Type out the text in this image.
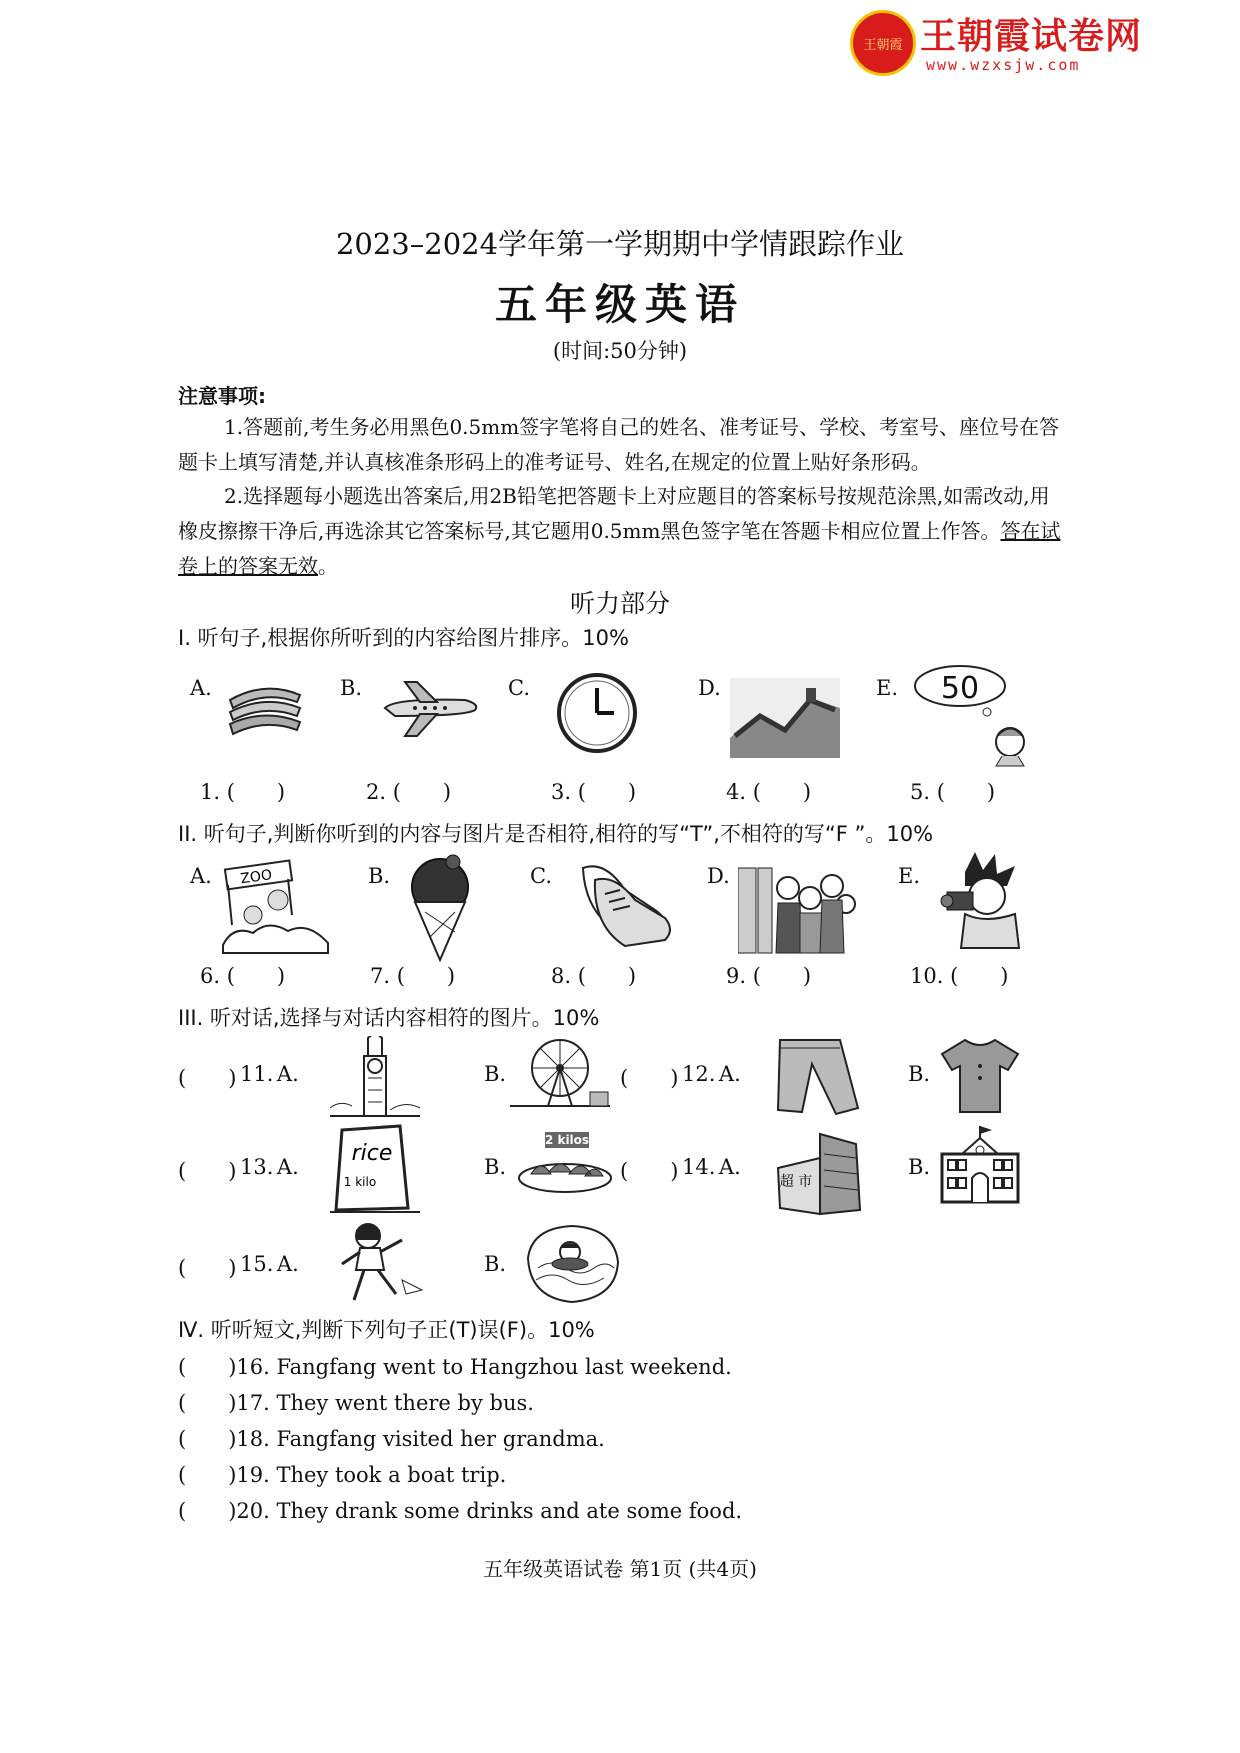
王朝霞 王朝霞试卷网
www.wzxsjw.com
2023–2024学年第一学期期中学情跟踪作业
五年级英语
(时间:50分钟)
注意事项:
1.答题前,考生务必用黑色0.5mm签字笔将自己的姓名、准考证号、学校、考室号、座位号在答题卡上填写清楚,并认真核准条形码上的准考证号、姓名,在规定的位置上贴好条形码。
2.选择题每小题选出答案后,用2B铅笔把答题卡上对应题目的答案标号按规范涂黑,如需改动,用橡皮擦擦干净后,再选涂其它答案标号,其它题用0.5mm黑色签字笔在答题卡相应位置上作答。答在试卷上的答案无效。
听力部分
I. 听句子,根据你所听到的内容给图片排序。10%
A.	B.	C.	D.	E. 50
1. (　　)	2. (　　)	3. (　　)	4. (　　)	5. (　　)
II. 听句子,判断你听到的内容与图片是否相符,相符的写“T”,不相符的写“F ”。10%
A. ZOO	B.	C.	D.	E.
6. (　　)	7. (　　)	8. (　　)	9. (　　)	10. (　　)
III. 听对话,选择与对话内容相符的图片。10%
(　　) 11.  A.	B.	(　　) 12.  A.	B.
(　　) 13.  A.
rice
1 kilo
B.
2 kilos
(　　) 14.  A.
超 市
B.
(　　) 15.  A.	B.
Ⅳ. 听听短文,判断下列句子正(T)误(F)。10%
(　　)16. Fangfang went to Hangzhou last weekend.
(　　)17. They went there by bus.
(　　)18. Fangfang visited her grandma.
(　　)19. They took a boat trip.
(　　)20. They drank some drinks and ate some food.
五年级英语试卷 第1页 (共4页)
